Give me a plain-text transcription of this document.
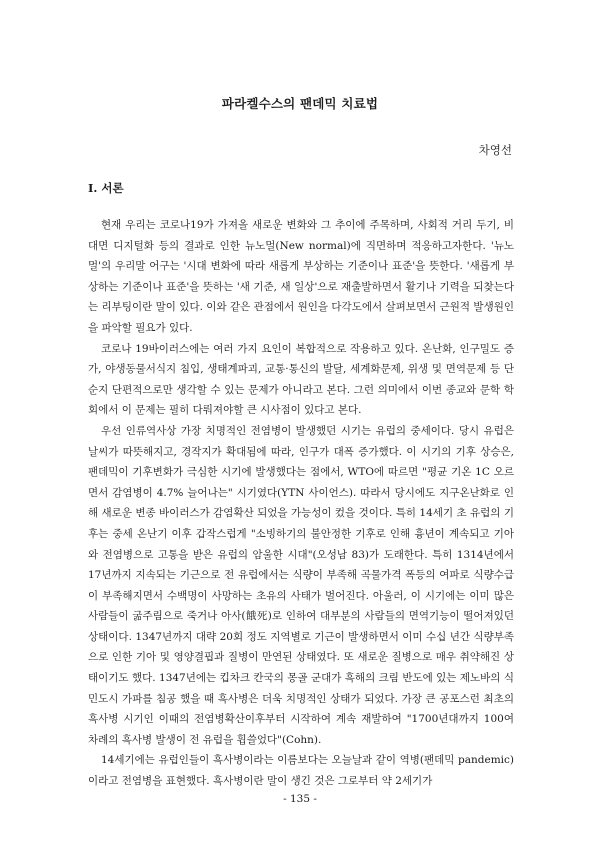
파라켈수스의 팬데믹 치료법
차영선
I. 서론

현재 우리는 코로나19가 가져올 새로운 변화와 그 추이에 주목하며, 사회적 거리 두기, 비대면 디지털화 등의 결과로 인한 뉴노멀(New normal)에 직면하며 적응하고자한다. '뉴노멀'의 우리말 어구는 '시대 변화에 따라 새롭게 부상하는 기준이나 표준'을 뜻한다. '새롭게 부상하는 기준이나 표준'을 뜻하는 '새 기준, 새 일상'으로 재출발하면서 활기나 기력을 되찾는다는 리부팅이란 말이 있다. 이와 같은 관점에서 원인을 다각도에서 살펴보면서 근원적 발생원인을 파악할 필요가 있다.

코로나 19바이러스에는 여러 가지 요인이 복합적으로 작용하고 있다. 온난화, 인구밀도 증가, 야생동물서식지 침입, 생태계파괴, 교통·통신의 발달, 세계화문제, 위생 및 면역문제 등 단순지 단편적으로만 생각할 수 있는 문제가 아니라고 본다. 그런 의미에서 이번 종교와 문학 학회에서 이 문제는 필히 다뤄져야할 큰 시사점이 있다고 본다.

우선 인류역사상 가장 치명적인 전염병이 발생했던 시기는 유럽의 중세이다. 당시 유럽은 날씨가 따뜻해지고, 경작지가 확대됨에 따라, 인구가 대폭 증가했다. 이 시기의 기후 상승은, 팬데믹이 기후변화가 극심한 시기에 발생했다는 점에서, WTO에 따르면 "평균 기온 1C 오르면서 감염병이 4.7% 늘어나는" 시기였다(YTN 사이언스). 따라서 당시에도 지구온난화로 인해 새로운 변종 바이러스가 감염확산 되었을 가능성이 컸을 것이다. 특히 14세기 초 유럽의 기후는 중세 온난기 이후 갑작스럽게 "소빙하기의 불안정한 기후로 인해 흉년이 계속되고 기아와 전염병으로 고통을 받은 유럽의 암울한 시대"(오성남 83)가 도래한다. 특히 1314년에서 17년까지 지속되는 기근으로 전 유럽에서는 식량이 부족해 곡물가격 폭등의 여파로 식량수급이 부족해지면서 수백명이 사망하는 초유의 사태가 벌어진다. 아울러, 이 시기에는 이미 많은 사람들이 굶주림으로 죽거나 아사(餓死)로 인하여 대부분의 사람들의 면역기능이 떨어져있던 상태이다. 1347년까지 대략 20회 정도 지역별로 기근이 발생하면서 이미 수십 년간 식량부족으로 인한 기아 및 영양결핍과 질병이 만연된 상태였다. 또 새로운 질병으로 매우 취약해진 상태이기도 했다. 1347년에는 킵차크 칸국의 몽골 군대가 흑해의 크림 반도에 있는 제노바의 식민도시 가파를 침공 했을 때 흑사병은 더욱 치명적인 상태가 되었다. 가장 큰 공포스런 최초의 흑사병 시기인 이때의 전염병확산이후부터 시작하여 계속 재발하여 "1700년대까지 100여 차례의 흑사병 발생이 전 유럽을 휩쓸었다"(Cohn).

14세기에는 유럽인들이 흑사병이라는 이름보다는 오늘날과 같이 역병(팬데믹 pandemic)이라고 전염병을 표현했다. 흑사병이란 말이 생긴 것은 그로부터 약 2세기가

- 135 -
